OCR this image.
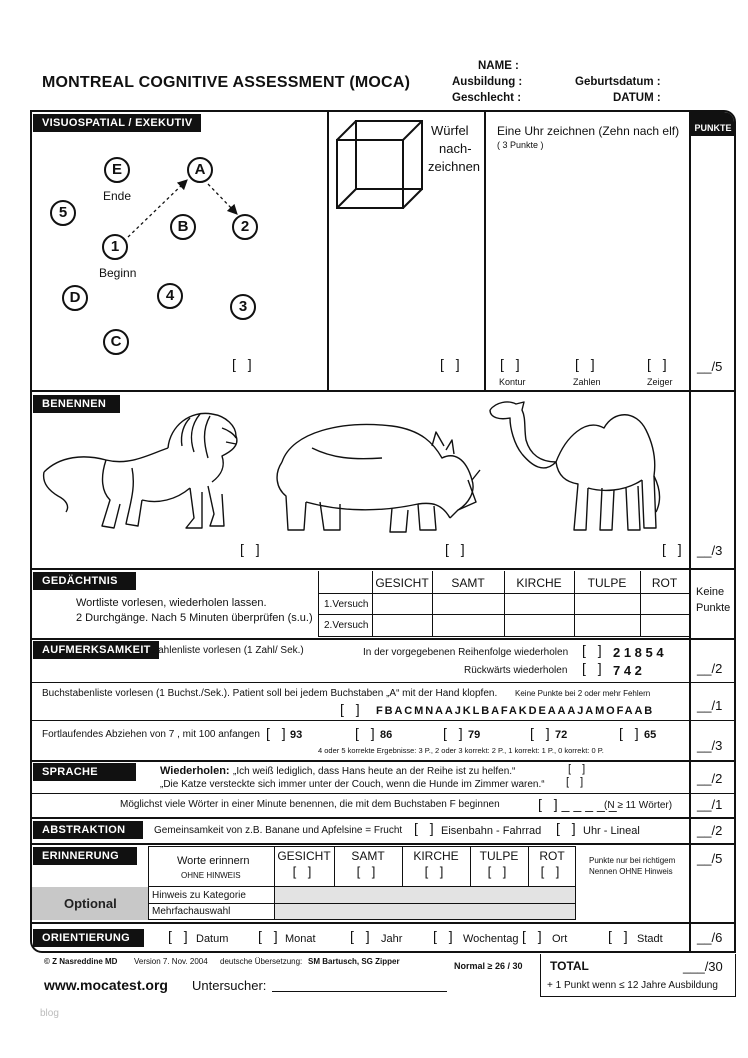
MONTREAL COGNITIVE ASSESSMENT (MOCA)
NAME :
Ausbildung :
Geschlecht :
Geburtsdatum :
DATUM :
PUNKTE
VISUOSPATIAL / EXEKUTIV
E	A
Ende
5
B	2
1
Beginn
D	4
3
C
[ ]
Würfel
nach-
zeichnen
[ ]
Eine Uhr zeichnen (Zehn nach elf)
( 3 Punkte )
[ ]	[ ]	[ ]
Kontur	Zahlen	Zeiger
__/5
BENENNEN
[ ]	[ ]	[ ] __/3
GEDÄCHTNIS
Wortliste vorlesen, wiederholen lassen.
2 Durchgänge. Nach 5 Minuten überprüfen (s.u.)
GESICHT	SAMT	KIRCHE	TULPE	ROT
1.Versuch
2.Versuch
Keine
Punkte
AUFMERKSAMKEIT Zahlenliste vorlesen (1 Zahl/ Sek.)	In der vorgegebenen Reihenfolge wiederholen [ ] 2 1 8 5 4
Rückwärts wiederholen [ ] 7 4 2	__/2
Buchstabenliste vorlesen (1 Buchst./Sek.). Patient soll bei jedem Buchstaben „A“ mit der Hand klopfen. Keine Punkte bei 2 oder mehr Fehlern
[ ] FBACMNAAJKLBAFAKDEAAAJAMOFAAB	__/1
Fortlaufendes Abziehen von 7 , mit 100 anfangen [ ] 93	[ ] 86	[ ] 79	[ ] 72	[ ] 65
4 oder 5 korrekte Ergebnisse: 3 P., 2 oder 3 korrekt: 2 P., 1 korrekt: 1 P., 0 korrekt: 0 P.	__/3
SPRACHE	Wiederholen: „Ich weiß lediglich, dass Hans heute an der Reihe ist zu helfen.“	[ ]
„Die Katze versteckte sich immer unter der Couch, wenn die Hunde im Zimmer waren.“ [ ]	__/2
Möglichst viele Wörter in einer Minute benennen, die mit dem Buchstaben F beginnen	[ ]_____
(N ≥ 11 Wörter) __/1
ABSTRAKTION	Gemeinsamkeit von z.B. Banane und Apfelsine = Frucht [ ] Eisenbahn - Fahrrad [ ] Uhr - Lineal	__/2
ERINNERUNG
Optional
Worte erinnern
OHNE HINWEIS
GESICHT	SAMT	KIRCHE	TULPE	ROT
[ ]	[ ]	[ ]	[ ]	[ ]
Hinweis zu Kategorie
Mehrfachauswahl
Punkte nur bei richtigem
Nennen OHNE Hinweis
__/5
ORIENTIERUNG	[ ] Datum [ ] Monat [ ] Jahr [ ] Wochentag [ ] Ort	[ ] Stadt	__/6
© Z Nasreddine MD Version 7. Nov. 2004 deutsche Übersetzung: SM Bartusch, SG Zipper	Normal ≥ 26 / 30 TOTAL	___/30
+ 1 Punkt wenn ≤ 12 Jahre Ausbildung
www.mocatest.org Untersucher:
blog
